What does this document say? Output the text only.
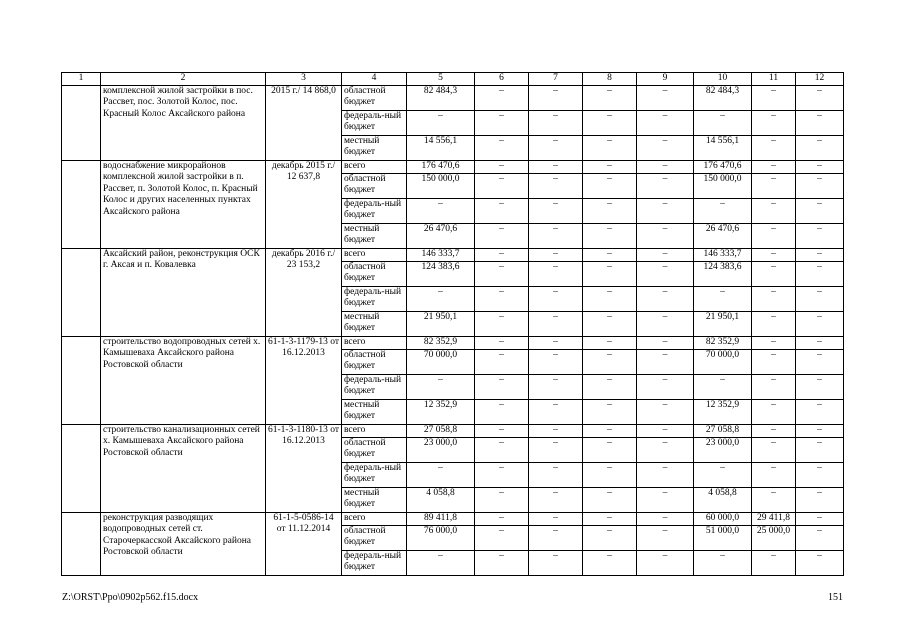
1	2	3	4	5	6	7	8	9	10	11	12
	комплексной жилой застройки в пос. Рассвет, пос. Золотой Колос, пос. Красный Колос Аксайского района	2015 г./ 14 868,0	областной бюджет	82 484,3	–	–	–	–	82 484,3	–	–
			федераль-ный бюджет	–	–	–	–	–	–	–	–
			местный бюджет	14 556,1	–	–	–	–	14 556,1	–	–
	водоснабжение микрорайонов комплексной жилой застройки в п. Рассвет, п. Золотой Колос, п. Красный Колос и других населенных пунктах Аксайского района	декабрь 2015 г./ 12 637,8	всего	176 470,6	–	–	–	–	176 470,6	–	–
			областной бюджет	150 000,0	–	–	–	–	150 000,0	–	–
			федераль-ный бюджет	–	–	–	–	–	–	–	–
			местный бюджет	26 470,6	–	–	–	–	26 470,6	–	–
	Аксайский район, реконструкция ОСК г. Аксая и п. Ковалевка	декабрь 2016 г./ 23 153,2	всего	146 333,7	–	–	–	–	146 333,7	–	–
			областной бюджет	124 383,6	–	–	–	–	124 383,6	–	–
			федераль-ный бюджет	–	–	–	–	–	–	–	–
			местный бюджет	21 950,1	–	–	–	–	21 950,1	–	–
	строительство водопроводных сетей х. Камышеваха Аксайского района Ростовской области	61-1-3-1179-13 от 16.12.2013	всего	82 352,9	–	–	–	–	82 352,9	–	–
			областной бюджет	70 000,0	–	–	–	–	70 000,0	–	–
			федераль-ный бюджет	–	–	–	–	–	–	–	–
			местный бюджет	12 352,9	–	–	–	–	12 352,9	–	–
	строительство канализационных сетей х. Камышеваха Аксайского района Ростовской области	61-1-3-1180-13 от 16.12.2013	всего	27 058,8	–	–	–	–	27 058,8	–	–
			областной бюджет	23 000,0	–	–	–	–	23 000,0	–	–
			федераль-ный бюджет	–	–	–	–	–	–	–	–
			местный бюджет	4 058,8	–	–	–	–	4 058,8	–	–
	реконструкция разводящих водопроводных сетей ст. Старочеркасской Аксайского района Ростовской области	61-1-5-0586-14 от 11.12.2014	всего	89 411,8	–	–	–	–	60 000,0	29 411,8	–
			областной бюджет	76 000,0	–	–	–	–	51 000,0	25 000,0	–
			федераль-ный бюджет	–	–	–	–	–	–	–	–
Z:\ORST\Ppo\0902p562.f15.docx	151
